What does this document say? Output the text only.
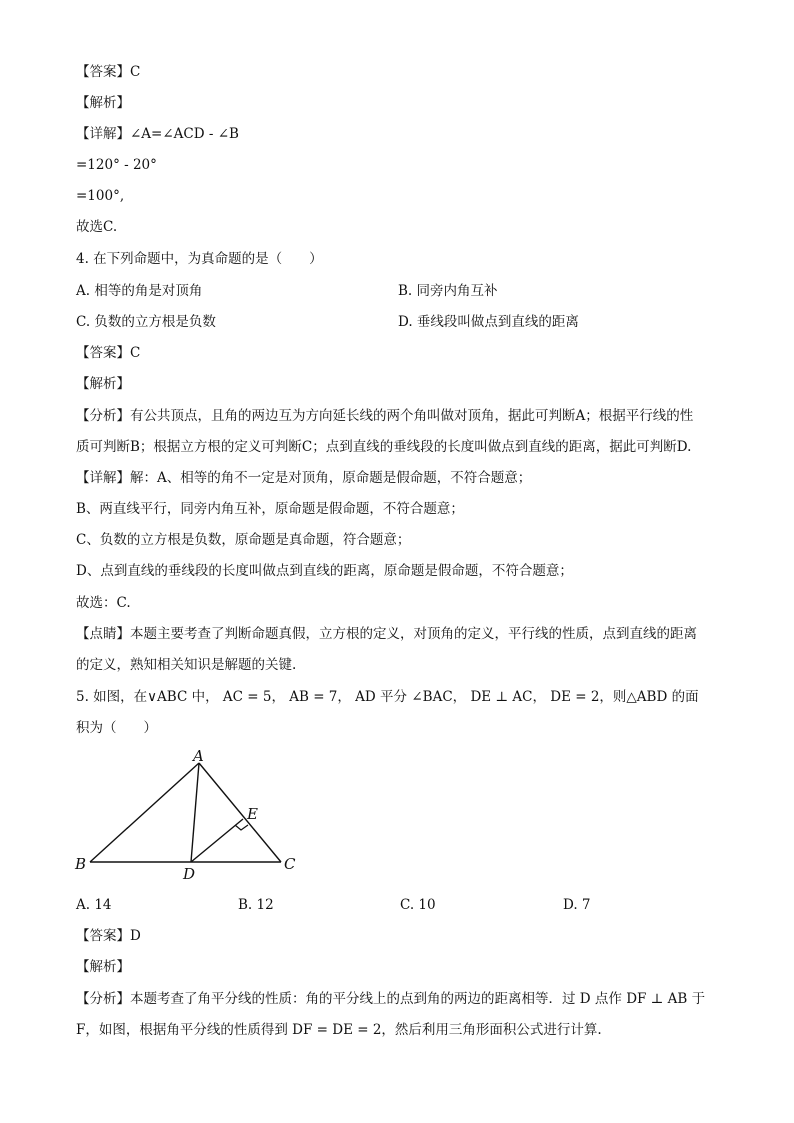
【答案】C
【解析】
【详解】∠A=∠ACD - ∠B
=120° - 20°
=100°,
故选C.
4. 在下列命题中，为真命题的是（　　）
A. 相等的角是对顶角	B. 同旁内角互补
C. 负数的立方根是负数	D. 垂线段叫做点到直线的距离
【答案】C
【解析】
【分析】有公共顶点，且角的两边互为方向延长线的两个角叫做对顶角，据此可判断A；根据平行线的性
质可判断B；根据立方根的定义可判断C；点到直线的垂线段的长度叫做点到直线的距离，据此可判断D.
【详解】解：A、相等的角不一定是对顶角，原命题是假命题，不符合题意；
B、两直线平行，同旁内角互补，原命题是假命题，不符合题意；
C、负数的立方根是负数，原命题是真命题，符合题意；
D、点到直线的垂线段的长度叫做点到直线的距离，原命题是假命题，不符合题意；
故选：C.
【点睛】本题主要考查了判断命题真假，立方根的定义，对顶角的定义，平行线的性质，点到直线的距离
的定义，熟知相关知识是解题的关键.
5. 如图，在∨ABC 中， AC = 5， AB = 7， AD 平分 ∠BAC， DE ⊥ AC， DE = 2，则△ABD 的面
积为（　　）
A
B	C
D
E
A. 14	B. 12	C. 10	D. 7
【答案】D
【解析】
【分析】本题考查了角平分线的性质：角的平分线上的点到角的两边的距离相等．过 D 点作 DF ⊥ AB 于
F，如图，根据角平分线的性质得到 DF = DE = 2，然后利用三角形面积公式进行计算.
